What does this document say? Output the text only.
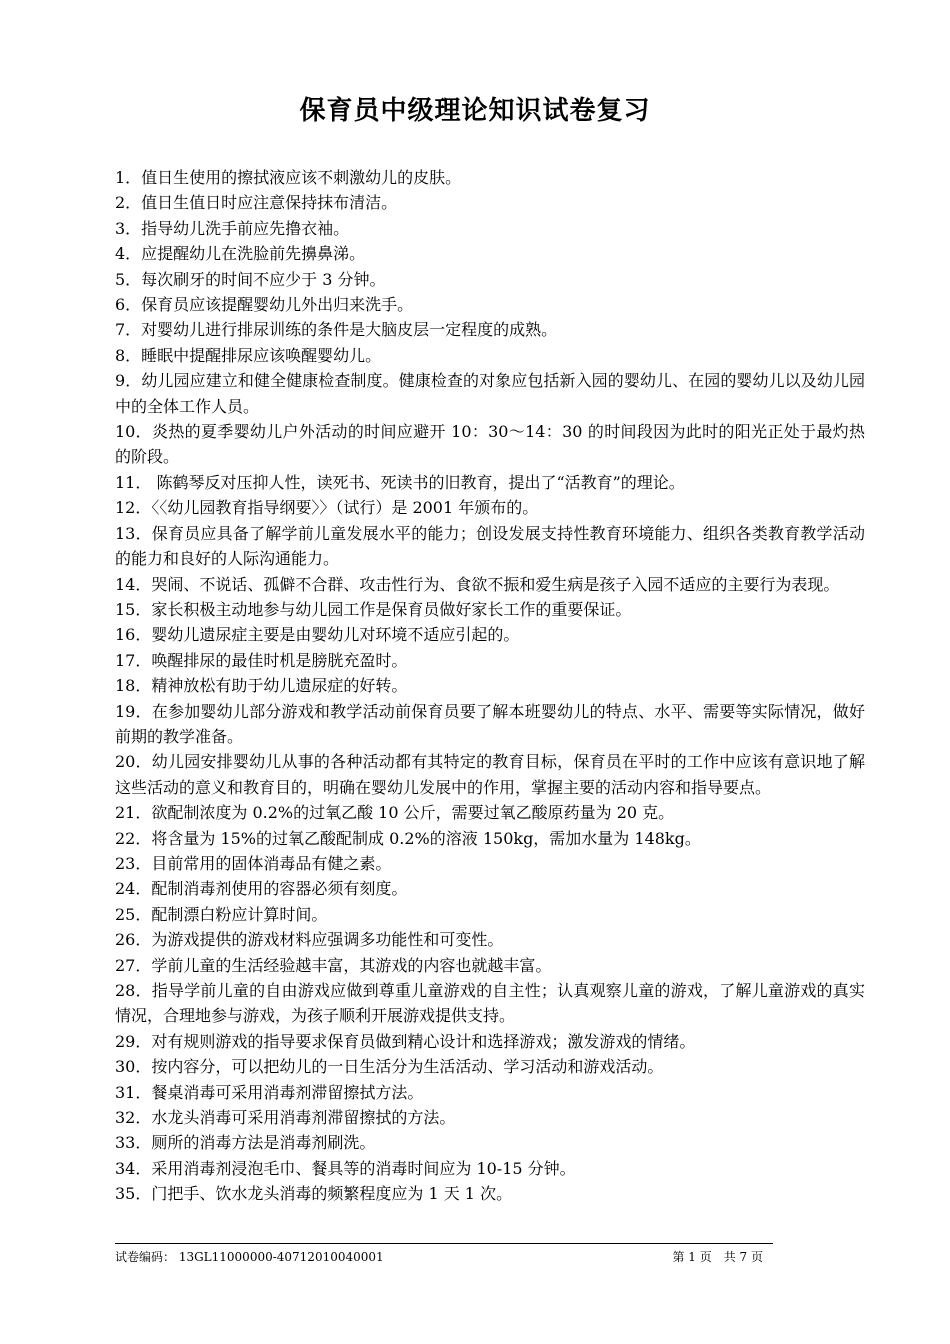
保育员中级理论知识试卷复习
1．值日生使用的擦拭液应该不刺激幼儿的皮肤。
2．值日生值日时应注意保持抹布清洁。
3．指导幼儿洗手前应先撸衣袖。
4．应提醒幼儿在洗脸前先擤鼻涕。
5．每次刷牙的时间不应少于 3 分钟。
6．保育员应该提醒婴幼儿外出归来洗手。
7．对婴幼儿进行排尿训练的条件是大脑皮层一定程度的成熟。
8．睡眠中提醒排尿应该唤醒婴幼儿。
9．幼儿园应建立和健全健康检查制度。健康检查的对象应包括新入园的婴幼儿、在园的婴幼儿以及幼儿园中的全体工作人员。
10．炎热的夏季婴幼儿户外活动的时间应避开 10：30～14：30 的时间段因为此时的阳光正处于最灼热的阶段。
11． 陈鹤琴反对压抑人性，读死书、死读书的旧教育，提出了“活教育”的理论。
12．〈〈幼儿园教育指导纲要〉〉（试行）是 2001 年颁布的。
13．保育员应具备了解学前儿童发展水平的能力；创设发展支持性教育环境能力、组织各类教育教学活动的能力和良好的人际沟通能力。
14．哭闹、不说话、孤僻不合群、攻击性行为、食欲不振和爱生病是孩子入园不适应的主要行为表现。
15．家长积极主动地参与幼儿园工作是保育员做好家长工作的重要保证。
16．婴幼儿遗尿症主要是由婴幼儿对环境不适应引起的。
17．唤醒排尿的最佳时机是膀胱充盈时。
18．精神放松有助于幼儿遗尿症的好转。
19．在参加婴幼儿部分游戏和教学活动前保育员要了解本班婴幼儿的特点、水平、需要等实际情况，做好前期的教学准备。
20．幼儿园安排婴幼儿从事的各种活动都有其特定的教育目标，保育员在平时的工作中应该有意识地了解这些活动的意义和教育目的，明确在婴幼儿发展中的作用，掌握主要的活动内容和指导要点。
21．欲配制浓度为 0.2%的过氧乙酸 10 公斤，需要过氧乙酸原药量为 20 克。
22．将含量为 15%的过氧乙酸配制成 0.2%的溶液 150kg，需加水量为 148kg。
23．目前常用的固体消毒品有健之素。
24．配制消毒剂使用的容器必须有刻度。
25．配制漂白粉应计算时间。
26．为游戏提供的游戏材料应强调多功能性和可变性。
27．学前儿童的生活经验越丰富，其游戏的内容也就越丰富。
28．指导学前儿童的自由游戏应做到尊重儿童游戏的自主性；认真观察儿童的游戏，了解儿童游戏的真实情况，合理地参与游戏，为孩子顺利开展游戏提供支持。
29．对有规则游戏的指导要求保育员做到精心设计和选择游戏；激发游戏的情绪。
30．按内容分，可以把幼儿的一日生活分为生活活动、学习活动和游戏活动。
31．餐桌消毒可采用消毒剂滞留擦拭方法。
32．水龙头消毒可采用消毒剂滞留擦拭的方法。
33．厕所的消毒方法是消毒剂刷洗。
34．采用消毒剂浸泡毛巾、餐具等的消毒时间应为 10-15 分钟。
35．门把手、饮水龙头消毒的频繁程度应为 1 天 1 次。
试卷编码： 13GL11000000-40712010040001	第 1 页　共 7 页
